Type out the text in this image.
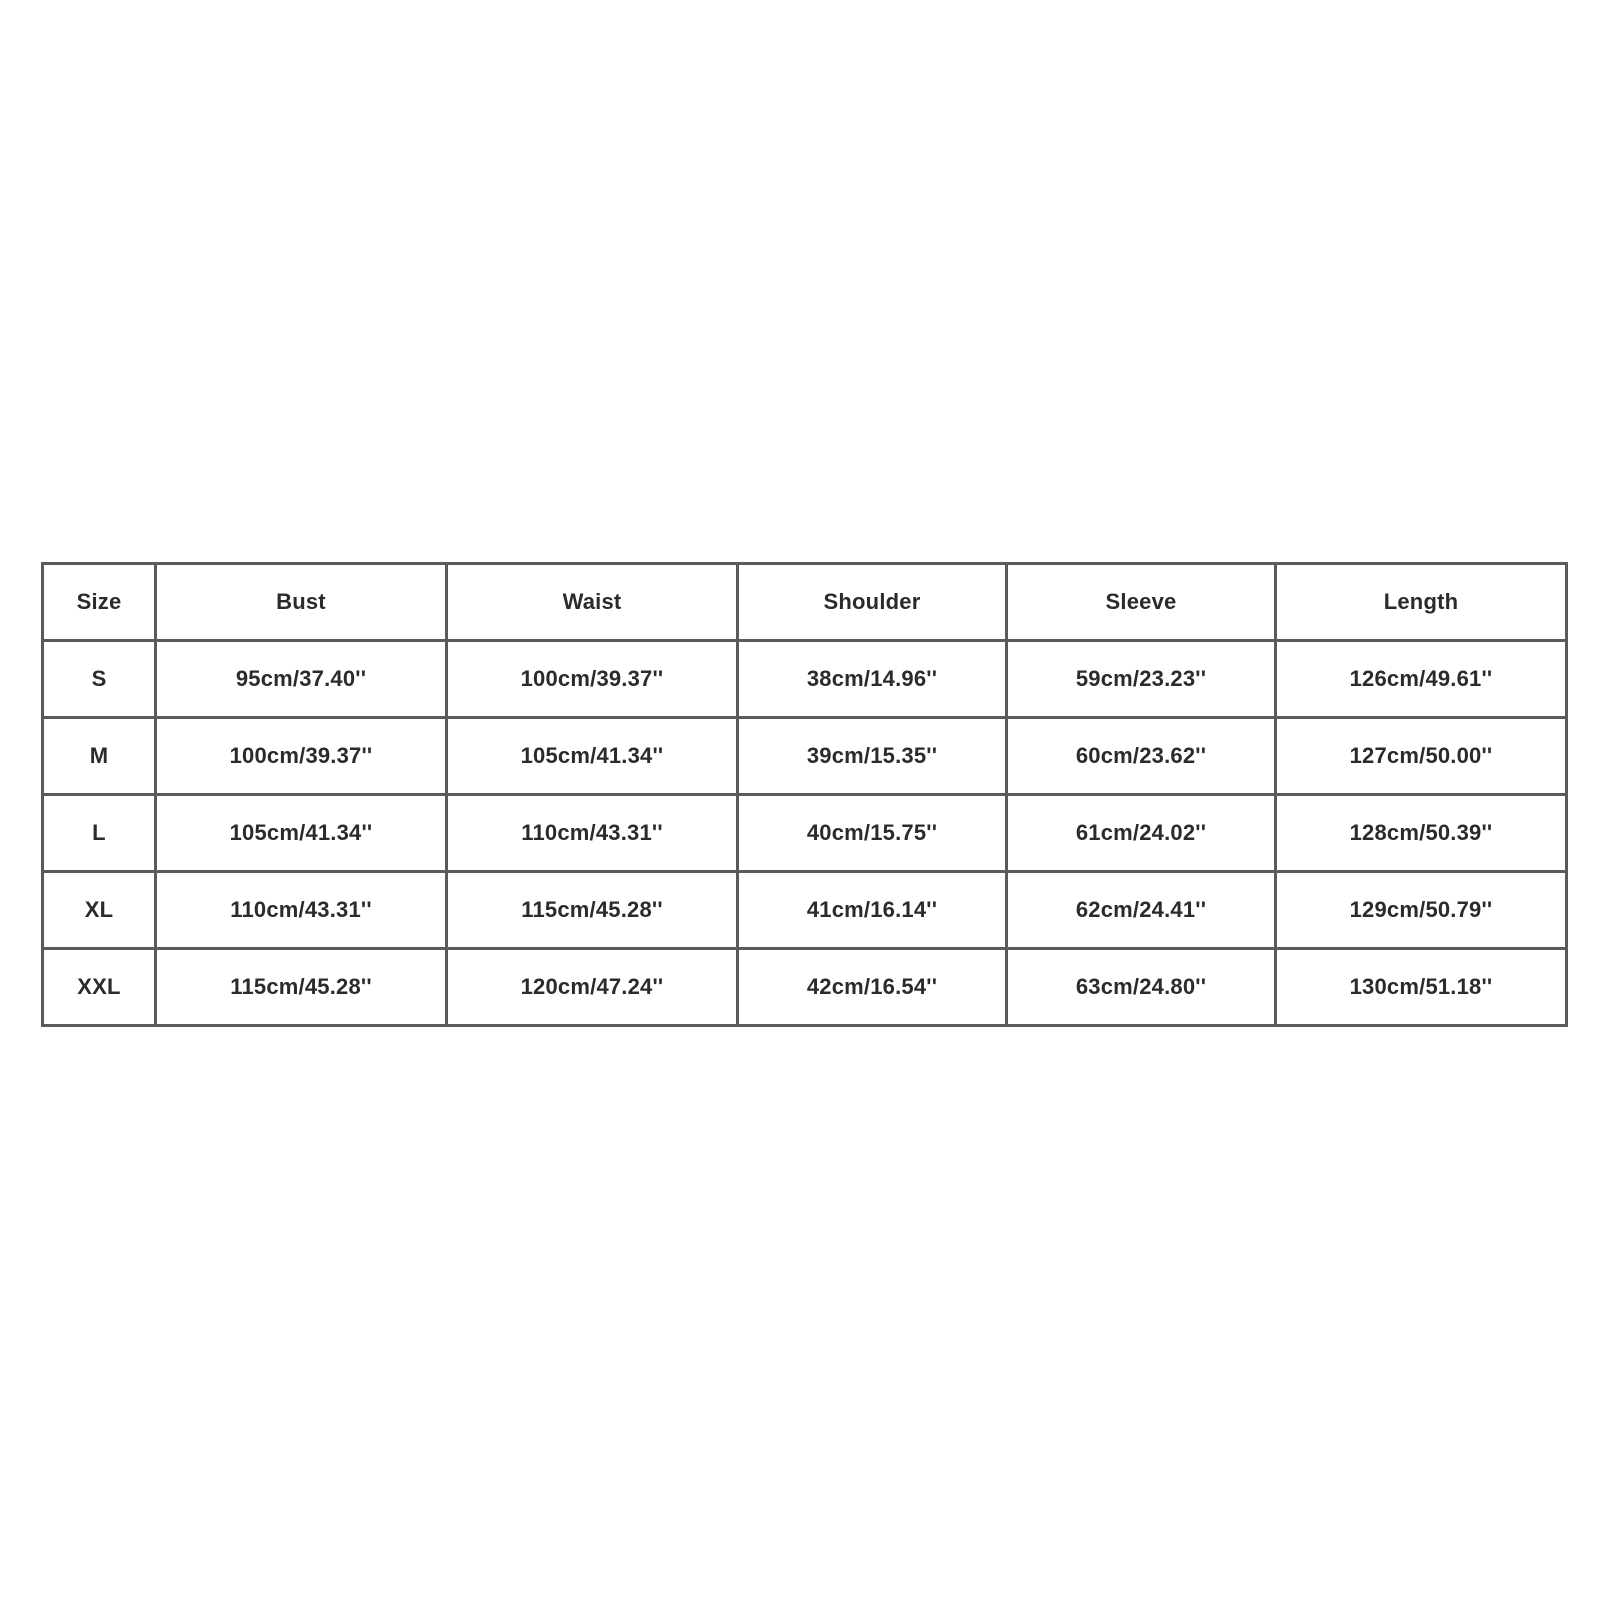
Size	Bust	Waist	Shoulder	Sleeve	Length
S	95cm/37.40''	100cm/39.37''	38cm/14.96''	59cm/23.23''	126cm/49.61''
M	100cm/39.37''	105cm/41.34''	39cm/15.35''	60cm/23.62''	127cm/50.00''
L	105cm/41.34''	110cm/43.31''	40cm/15.75''	61cm/24.02''	128cm/50.39''
XL	110cm/43.31''	115cm/45.28''	41cm/16.14''	62cm/24.41''	129cm/50.79''
XXL	115cm/45.28''	120cm/47.24''	42cm/16.54''	63cm/24.80''	130cm/51.18''
